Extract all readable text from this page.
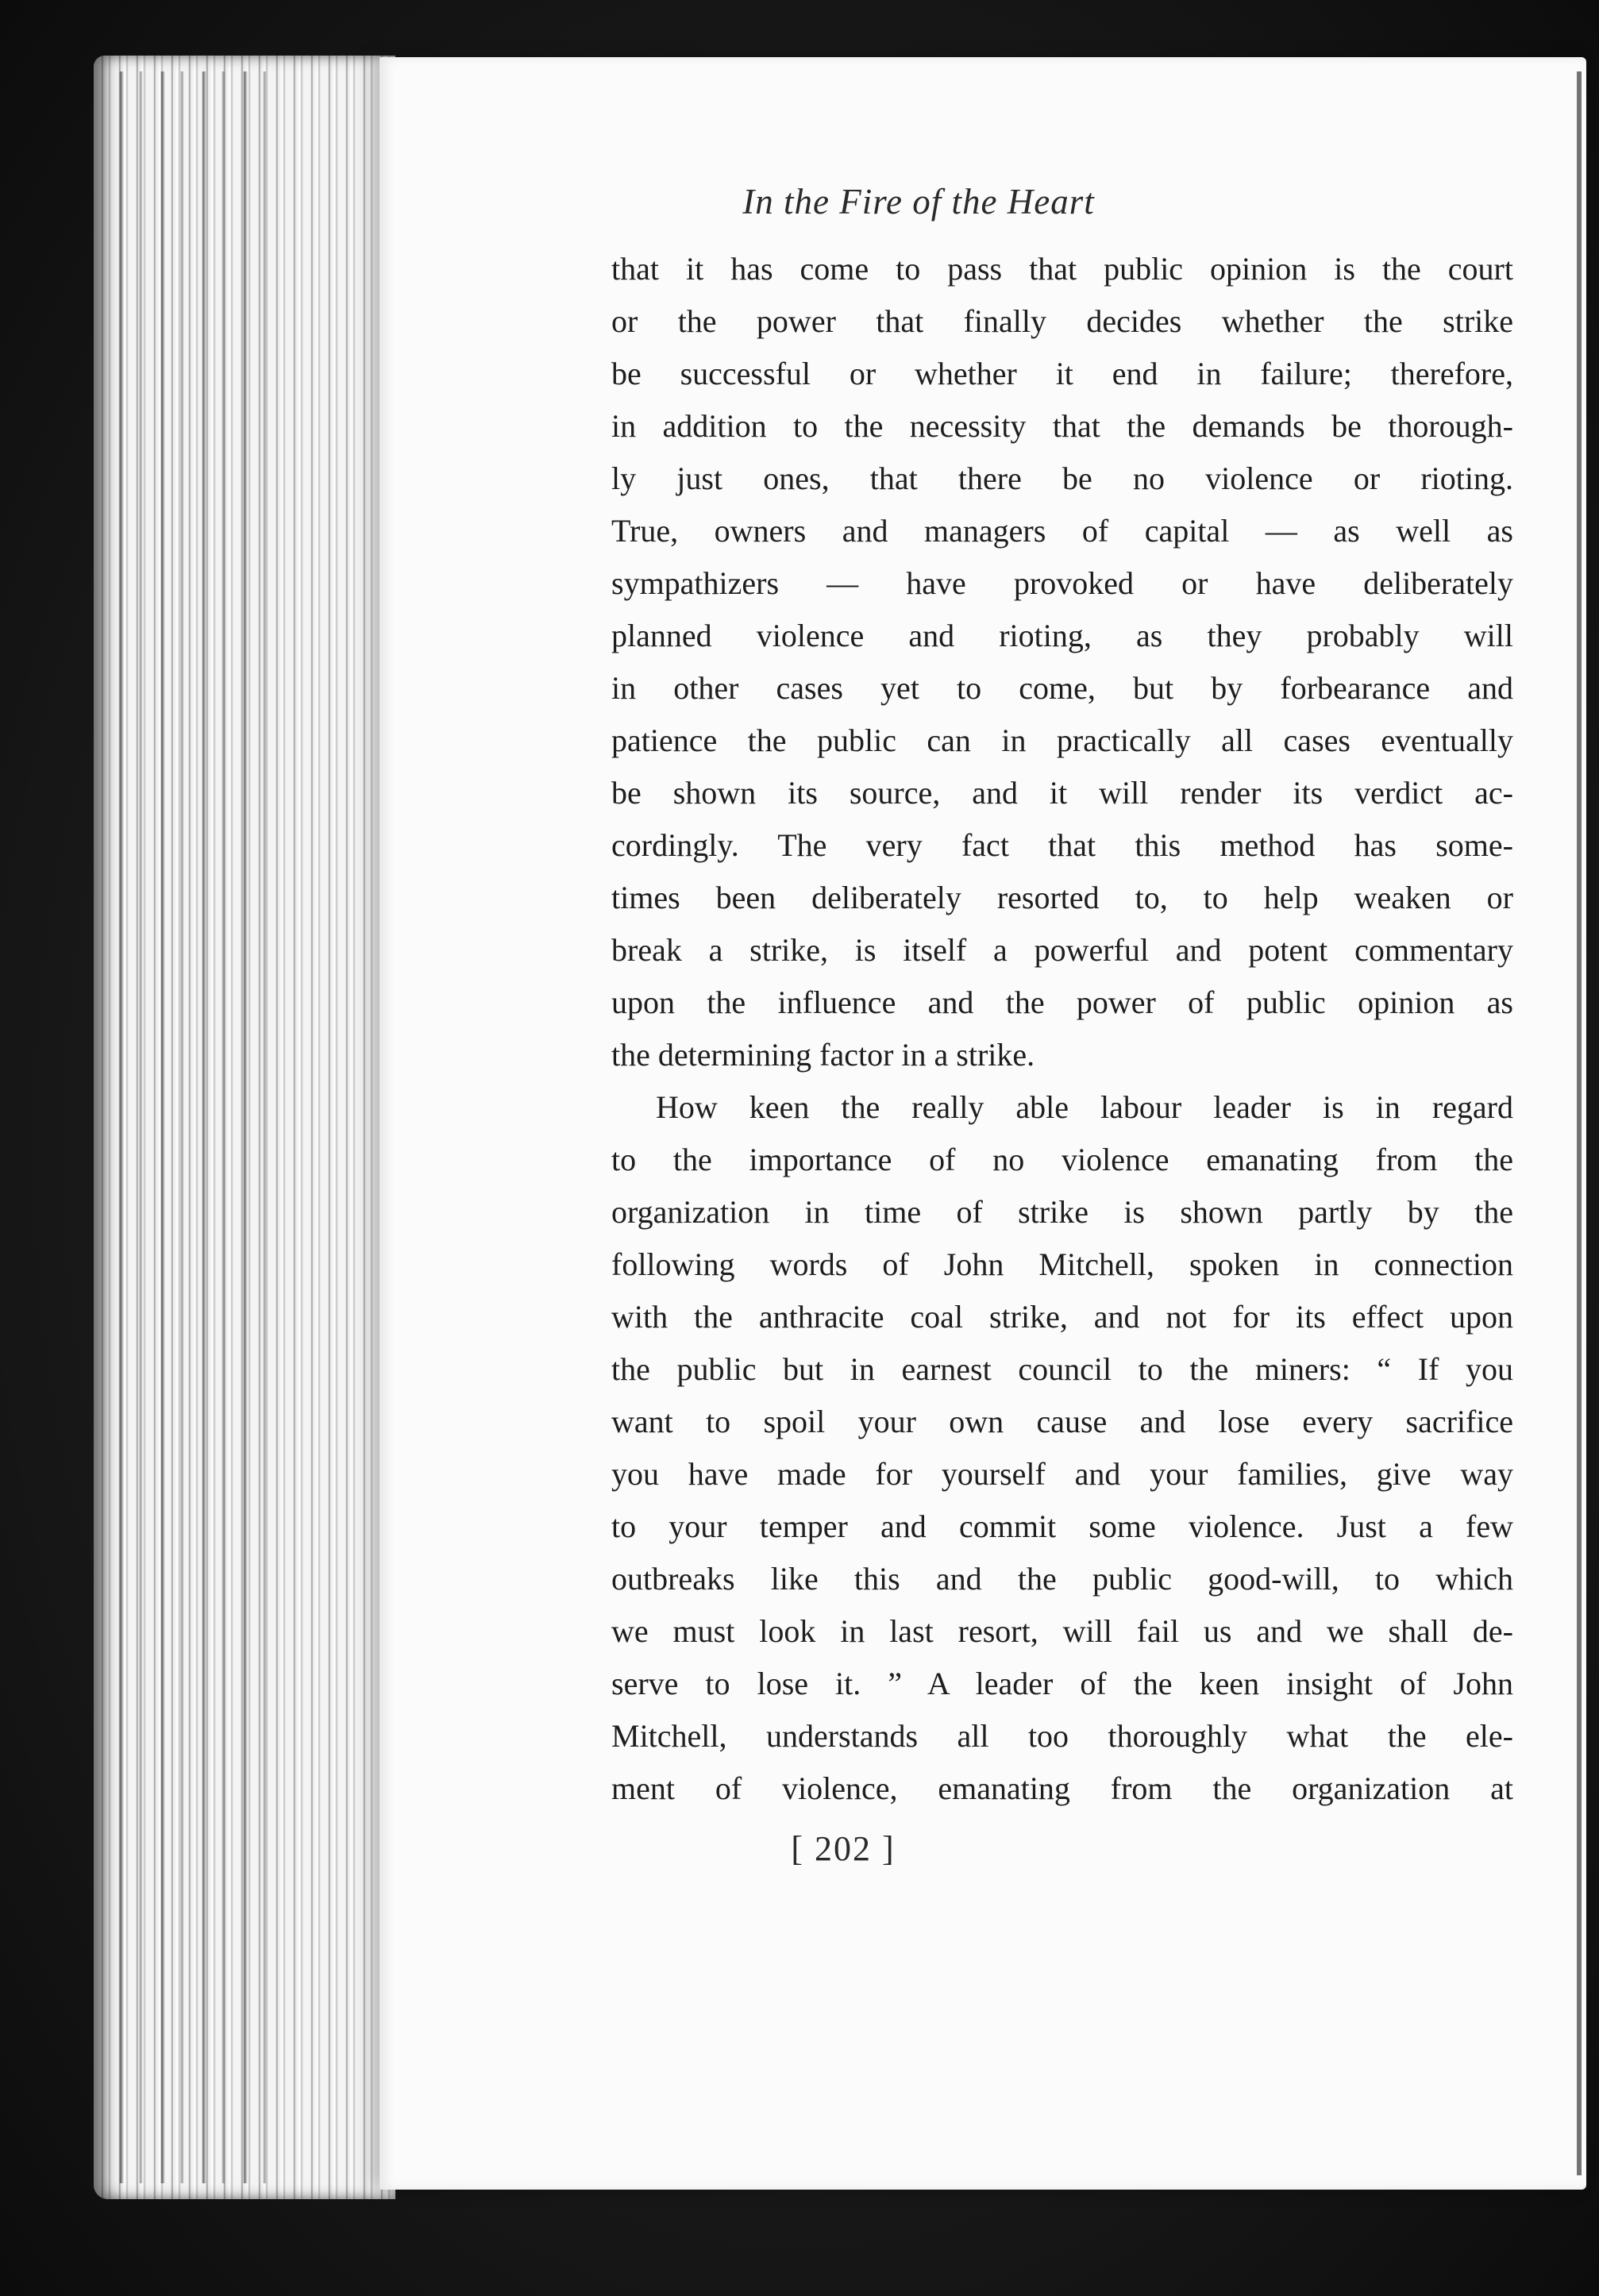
In the Fire of the Heart
that it has come to pass that public opinion is the court
or the power that finally decides whether the strike
be successful or whether it end in failure; therefore,
in addition to the necessity that the demands be thorough-
ly just ones, that there be no violence or rioting.
True, owners and managers of capital — as well as
sympathizers — have provoked or have deliberately
planned violence and rioting, as they probably will
in other cases yet to come, but by forbearance and
patience the public can in practically all cases eventually
be shown its source, and it will render its verdict ac-
cordingly. The very fact that this method has some-
times been deliberately resorted to, to help weaken or
break a strike, is itself a powerful and potent commentary
upon the influence and the power of public opinion as
the determining factor in a strike.
How keen the really able labour leader is in regard
to the importance of no violence emanating from the
organization in time of strike is shown partly by the
following words of John Mitchell, spoken in connection
with the anthracite coal strike, and not for its effect upon
the public but in earnest council to the miners: “ If you
want to spoil your own cause and lose every sacrifice
you have made for yourself and your families, give way
to your temper and commit some violence. Just a few
outbreaks like this and the public good-will, to which
we must look in last resort, will fail us and we shall de-
serve to lose it. ” A leader of the keen insight of John
Mitchell, understands all too thoroughly what the ele-
ment of violence, emanating from the organization at
[ 202 ]
